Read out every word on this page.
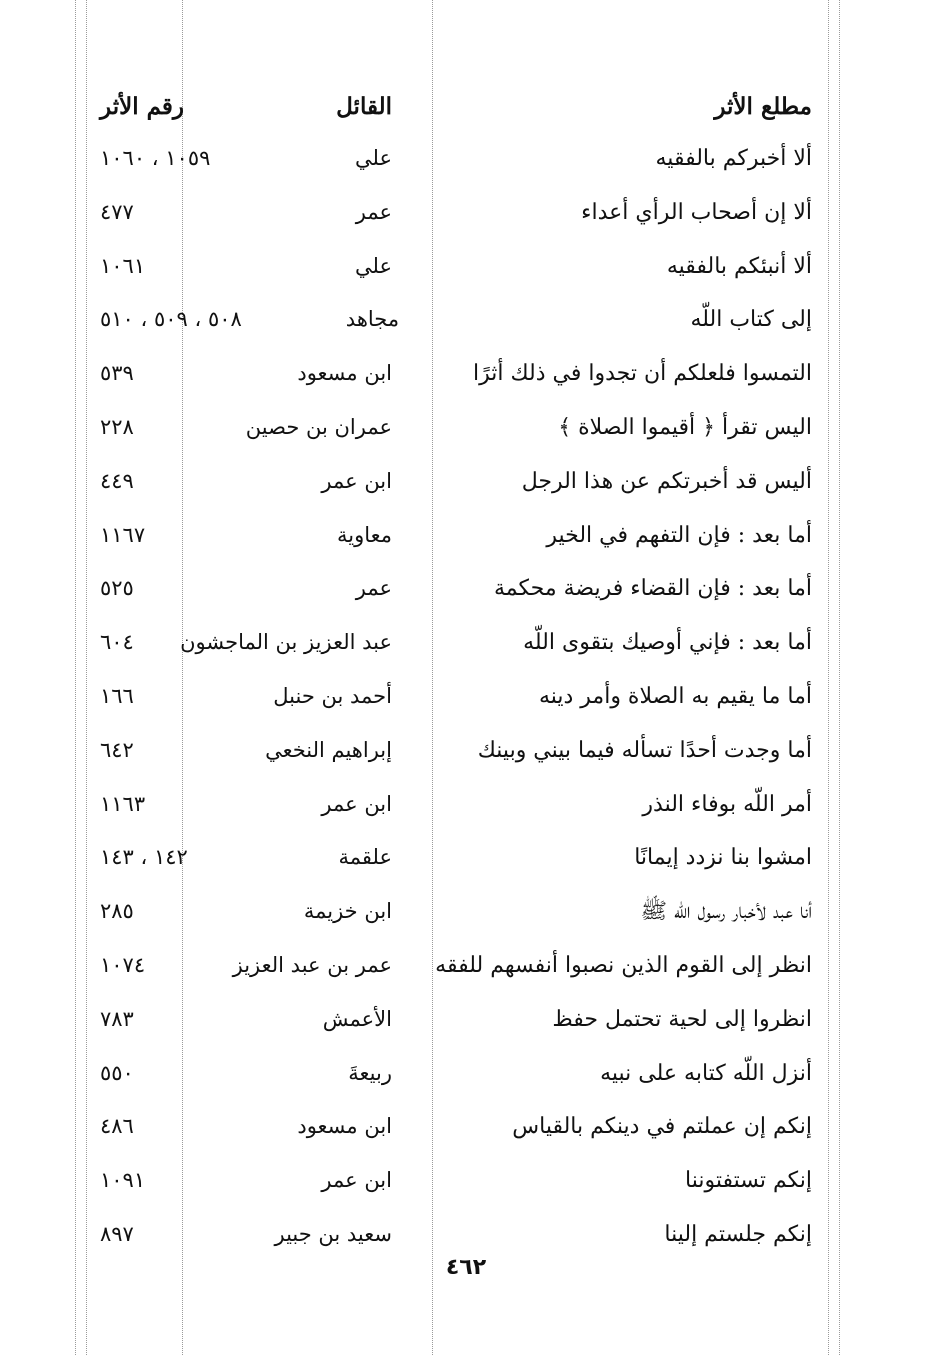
مطلع الأثر
القائل
رقم الأثر
ألا أخبركم بالفقيه
علي
١٠٥٩ ، ١٠٦٠
ألا إن أصحاب الرأي أعداء
عمر
٤٧٧
ألا أنبئكم بالفقيه
علي
١٠٦١
إلى كتاب اللّه
مجاهد
٥٠٨ ، ٥٠٩ ، ٥١٠
التمسوا فلعلكم أن تجدوا في ذلك أثرًا
ابن مسعود
٥٣٩
اليس تقرأ ﴿ أقيموا الصلاة ﴾
عمران بن حصين
٢٢٨
أليس قد أخبرتكم عن هذا الرجل
ابن عمر
٤٤٩
أما بعد : فإن التفهم في الخير
معاوية
١١٦٧
أما بعد : فإن القضاء فريضة محكمة
عمر
٥٢٥
أما بعد : فإني أوصيك بتقوى اللّه
عبد العزيز بن الماجشون
٦٠٤
أما ما يقيم به الصلاة وأمر دينه
أحمد بن حنبل
١٦٦
أما وجدت أحدًا تسأله فيما بيني وبينك
إبراهيم النخعي
٦٤٢
أمر اللّه بوفاء النذر
ابن عمر
١١٦٣
امشوا بنا نزدد إيمانًا
علقمة
١٤٢ ، ١٤٣
أنا عبد لأخبار رسول اللّه ﷺ
ابن خزيمة
٢٨٥
انظر إلى القوم الذين نصبوا أنفسهم للفقه
عمر بن عبد العزيز
١٠٧٤
انظروا إلى لحية تحتمل حفظ
الأعمش
٧٨٣
أنزل اللّه كتابه على نبيه
ربيعةَ
٥٥٠
إنكم إن عملتم في دينكم بالقياس
ابن مسعود
٤٨٦
إنكم تستفتوننا
ابن عمر
١٠٩١
إنكم جلستم إلينا
سعيد بن جبير
٨٩٧
٤٦٢
